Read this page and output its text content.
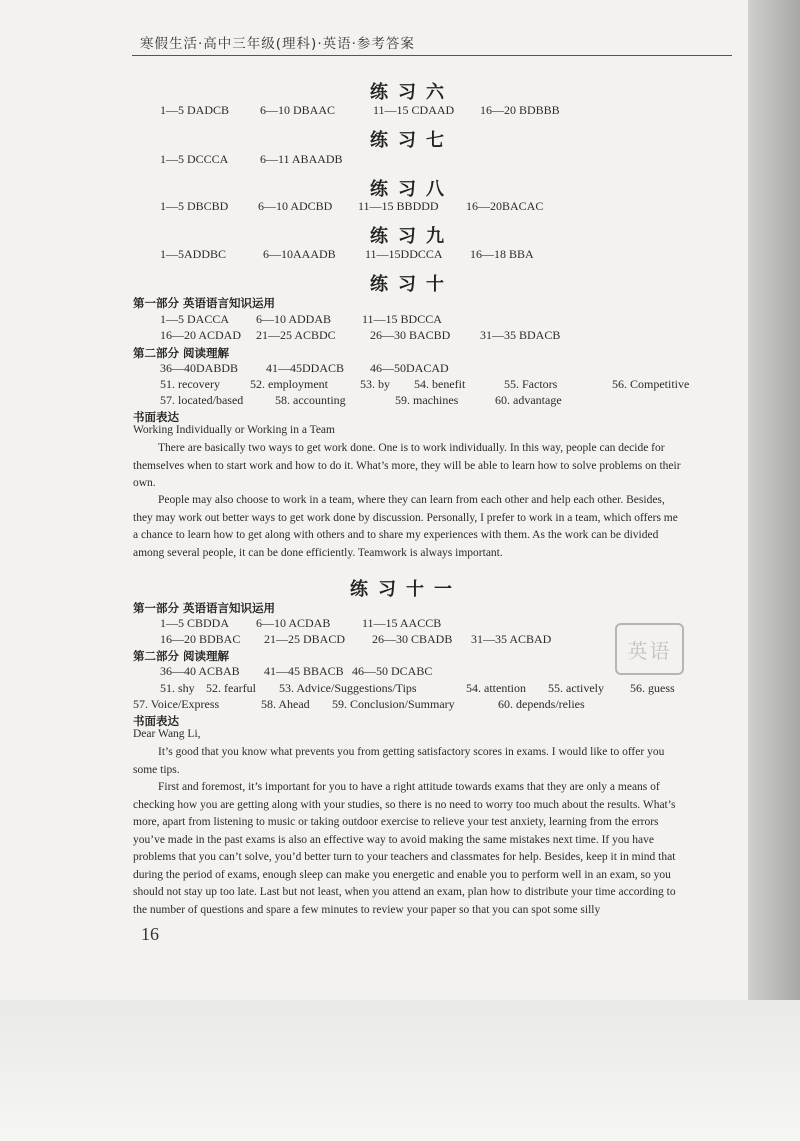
寒假生活·高中三年级(理科)·英语·参考答案
练习六
1—5 DADCB	6—10 DBAAC	11—15 CDAAD 16—20 BDBBB
练习七
1—5 DCCCA	6—11 ABAADB
练习八
1—5 DBCBD 6—10 ADCBD 11—15 BBDDD 16—20BACAC
练习九
1—5ADDBC	6—10AAADB 11—15DDCCA 16—18 BBA
练习十
第一部分 英语语言知识运用
1—5 DACCA 6—10 ADDAB	11—15 BDCCA
16—20 ACDAD 21—25 ACBDC	26—30 BACBD 31—35 BDACB
第二部分 阅读理解
36—40DABDB 41—45DDACB 46—50DACAD
51. recovery	52. employment	53. by 54. benefit	55. Factors	56. Competitive
57. located/based	58. accounting	59. machines	60. advantage
书面表达
Working Individually or Working in a Team
There are basically two ways to get work done. One is to work individually. In this way, people can decide for themselves when to start work and how to do it. What’s more, they will be able to learn how to solve problems on their own.
People may also choose to work in a team, where they can learn from each other and help each other. Besides, they may work out better ways to get work done by discussion. Personally, I prefer to work in a team, which offers me a chance to learn how to get along with others and to share my experiences with them. As the work can be divided among several people, it can be done efficiently. Teamwork is always important.
练习十一
第一部分 英语语言知识运用
1—5 CBDDA 6—10 ACDAB	11—15 AACCB
16—20 BDBAC 21—25 DBACD 26—30 CBADB 31—35 ACBAD
第二部分 阅读理解
36—40 ACBAB 41—45 BBACB 46—50 DCABC
51. shy 52. fearful 53. Advice/Suggestions/Tips	54. attention 55. actively 56. guess
57. Voice/Express	58. Ahead 59. Conclusion/Summary	60. depends/relies
书面表达
Dear Wang Li,
It’s good that you know what prevents you from getting satisfactory scores in exams. I would like to offer you some tips.
First and foremost, it’s important for you to have a right attitude towards exams that they are only a means of checking how you are getting along with your studies, so there is no need to worry too much about the results. What’s more, apart from listening to music or taking outdoor exercise to relieve your test anxiety, learning from the errors you’ve made in the past exams is also an effective way to avoid making the same mistakes next time. If you have problems that you can’t solve, you’d better turn to your teachers and classmates for help. Besides, keep it in mind that during the period of exams, enough sleep can make you energetic and enable you to perform well in an exam, so you should not stay up too late. Last but not least, when you attend an exam, plan how to distribute your time according to the number of questions and spare a few minutes to review your paper so that you can spot some silly
16
英语
